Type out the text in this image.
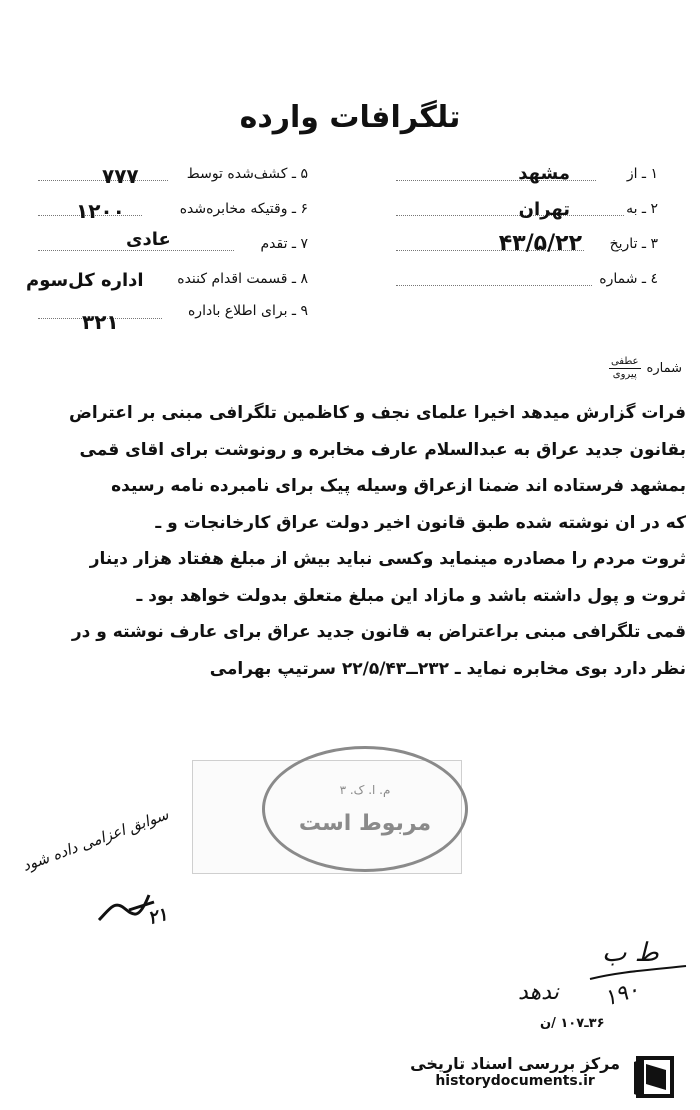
تلگرافات وارده
۱ ـ از
مشهد
۲ ـ به
تهران
۳ ـ تاریخ
۴۳/۵/۲۲
٤ ـ شماره
۵ ـ کشف‌شده توسط
۷۷۷
۶ ـ وقتیکه مخابره‌شده
۱۲۰۰
۷ ـ تقدم
عادی
۸ ـ قسمت اقدام کننده
اداره کل‌سوم
۹ ـ برای اطلاع باداره
۳۲۱
شماره
$\frac{\text{عطفی}}{\text{پیروی}}$
فرات گزارش میدهد اخیرا علمای نجف و کاظمین تلگرافی مبنی بر اعتراض
بقانون جدید عراق به عبدالسلام عارف مخابره و رونوشت برای اقای قمی
بمشهد فرستاده اند ضمنا ازعراق وسیله پیک برای نامبرده نامه رسیده
که در ان نوشته شده طبق قانون اخیر دولت عراق کارخانجات و ـ
ثروت مردم را مصادره مینماید وکسی نباید بیش از مبلغ هفتاد هزار دینار
ثروت و پول داشته باشد و مازاد این مبلغ متعلق بدولت خواهد بود ـ
قمی تلگرافی مبنی براعتراض به قانون جدید عراق برای عارف نوشته و در
نظر دارد بوی مخابره نماید ـ ۲۳۲ــ۲۲/۵/۴۳ سرتیپ بهرامی
م. ا. ک. ۳
مربوط است
سوابق اعزامی داده شود
۲۱
ط ب
۱۹۰
ندهد
۳۶ـ۱۰۷ /ن
مرکز بررسی اسناد تاریخی
historydocuments.ir
